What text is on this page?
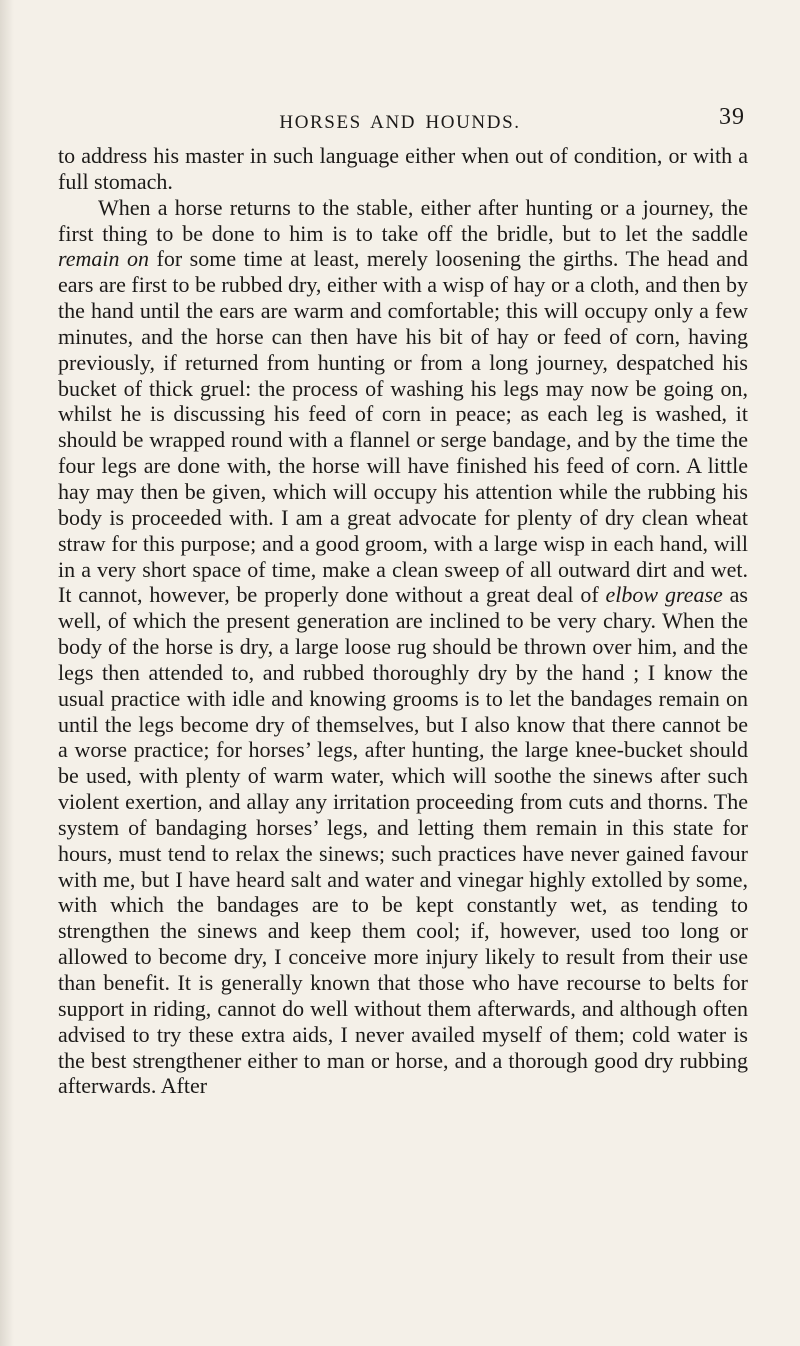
HORSES AND HOUNDS.	39

to address his master in such language either when out of condition, or with a full stomach.

When a horse returns to the stable, either after hunting or a journey, the first thing to be done to him is to take off the bridle, but to let the saddle remain on for some time at least, merely loosening the girths. The head and ears are first to be rubbed dry, either with a wisp of hay or a cloth, and then by the hand until the ears are warm and comfortable; this will occupy only a few minutes, and the horse can then have his bit of hay or feed of corn, having previously, if returned from hunting or from a long journey, despatched his bucket of thick gruel: the process of washing his legs may now be going on, whilst he is discussing his feed of corn in peace; as each leg is washed, it should be wrapped round with a flannel or serge bandage, and by the time the four legs are done with, the horse will have finished his feed of corn. A little hay may then be given, which will occupy his attention while the rubbing his body is proceeded with. I am a great advocate for plenty of dry clean wheat straw for this purpose; and a good groom, with a large wisp in each hand, will in a very short space of time, make a clean sweep of all outward dirt and wet. It cannot, however, be properly done without a great deal of elbow grease as well, of which the present generation are inclined to be very chary. When the body of the horse is dry, a large loose rug should be thrown over him, and the legs then attended to, and rubbed thoroughly dry by the hand ; I know the usual practice with idle and knowing grooms is to let the bandages remain on until the legs become dry of themselves, but I also know that there cannot be a worse practice; for horses’ legs, after hunting, the large knee-bucket should be used, with plenty of warm water, which will soothe the sinews after such violent exertion, and allay any irritation proceeding from cuts and thorns. The system of bandaging horses’ legs, and letting them remain in this state for hours, must tend to relax the sinews; such practices have never gained favour with me, but I have heard salt and water and vinegar highly extolled by some, with which the bandages are to be kept constantly wet, as tending to strengthen the sinews and keep them cool; if, however, used too long or allowed to become dry, I conceive more injury likely to result from their use than benefit. It is generally known that those who have recourse to belts for support in riding, cannot do well without them afterwards, and although often advised to try these extra aids, I never availed myself of them; cold water is the best strengthener either to man or horse, and a thorough good dry rubbing afterwards. After
